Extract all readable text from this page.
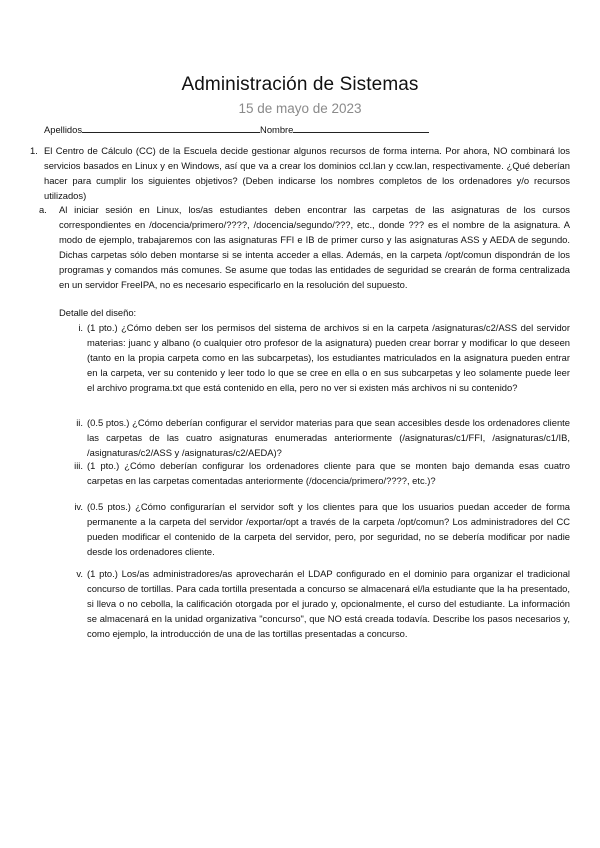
Administración de Sistemas
15 de mayo de 2023
Apellidos	Nombre
1. El Centro de Cálculo (CC) de la Escuela decide gestionar algunos recursos de forma interna. Por ahora, NO combinará los servicios basados en Linux y en Windows, así que va a crear los dominios ccl.lan y ccw.lan, respectivamente. ¿Qué deberían hacer para cumplir los siguientes objetivos? (Deben indicarse los nombres completos de los ordenadores y/o recursos utilizados)
a. Al iniciar sesión en Linux, los/as estudiantes deben encontrar las carpetas de las asignaturas de los cursos correspondientes en /docencia/primero/????, /docencia/segundo/???, etc., donde ??? es el nombre de la asignatura. A modo de ejemplo, trabajaremos con las asignaturas FFI e IB de primer curso y las asignaturas ASS y AEDA de segundo. Dichas carpetas sólo deben montarse si se intenta acceder a ellas. Además, en la carpeta /opt/comun dispondrán de los programas y comandos más comunes. Se asume que todas las entidades de seguridad se crearán de forma centralizada en un servidor FreeIPA, no es necesario especificarlo en la resolución del supuesto.
Detalle del diseño:
i. (1 pto.) ¿Cómo deben ser los permisos del sistema de archivos si en la carpeta /asignaturas/c2/ASS del servidor materias: juanc y albano (o cualquier otro profesor de la asignatura) pueden crear borrar y modificar lo que deseen (tanto en la propia carpeta como en las subcarpetas), los estudiantes matriculados en la asignatura pueden entrar en la carpeta, ver su contenido y leer todo lo que se cree en ella o en sus subcarpetas y leo solamente puede leer el archivo programa.txt que está contenido en ella, pero no ver si existen más archivos ni su contenido?
ii. (0.5 ptos.) ¿Cómo deberían configurar el servidor materias para que sean accesibles desde los ordenadores cliente las carpetas de las cuatro asignaturas enumeradas anteriormente (/asignaturas/c1/FFI, /asignaturas/c1/IB, /asignaturas/c2/ASS y /asignaturas/c2/AEDA)?
iii. (1 pto.) ¿Cómo deberían configurar los ordenadores cliente para que se monten bajo demanda esas cuatro carpetas en las carpetas comentadas anteriormente (/docencia/primero/????, etc.)?
iv. (0.5 ptos.) ¿Cómo configurarían el servidor soft y los clientes para que los usuarios puedan acceder de forma permanente a la carpeta del servidor /exportar/opt a través de la carpeta /opt/comun? Los administradores del CC pueden modificar el contenido de la carpeta del servidor, pero, por seguridad, no se debería modificar por nadie desde los ordenadores cliente.
v. (1 pto.) Los/as administradores/as aprovecharán el LDAP configurado en el dominio para organizar el tradicional concurso de tortillas. Para cada tortilla presentada a concurso se almacenará el/la estudiante que la ha presentado, si lleva o no cebolla, la calificación otorgada por el jurado y, opcionalmente, el curso del estudiante. La información se almacenará en la unidad organizativa "concurso", que NO está creada todavía. Describe los pasos necesarios y, como ejemplo, la introducción de una de las tortillas presentadas a concurso.
